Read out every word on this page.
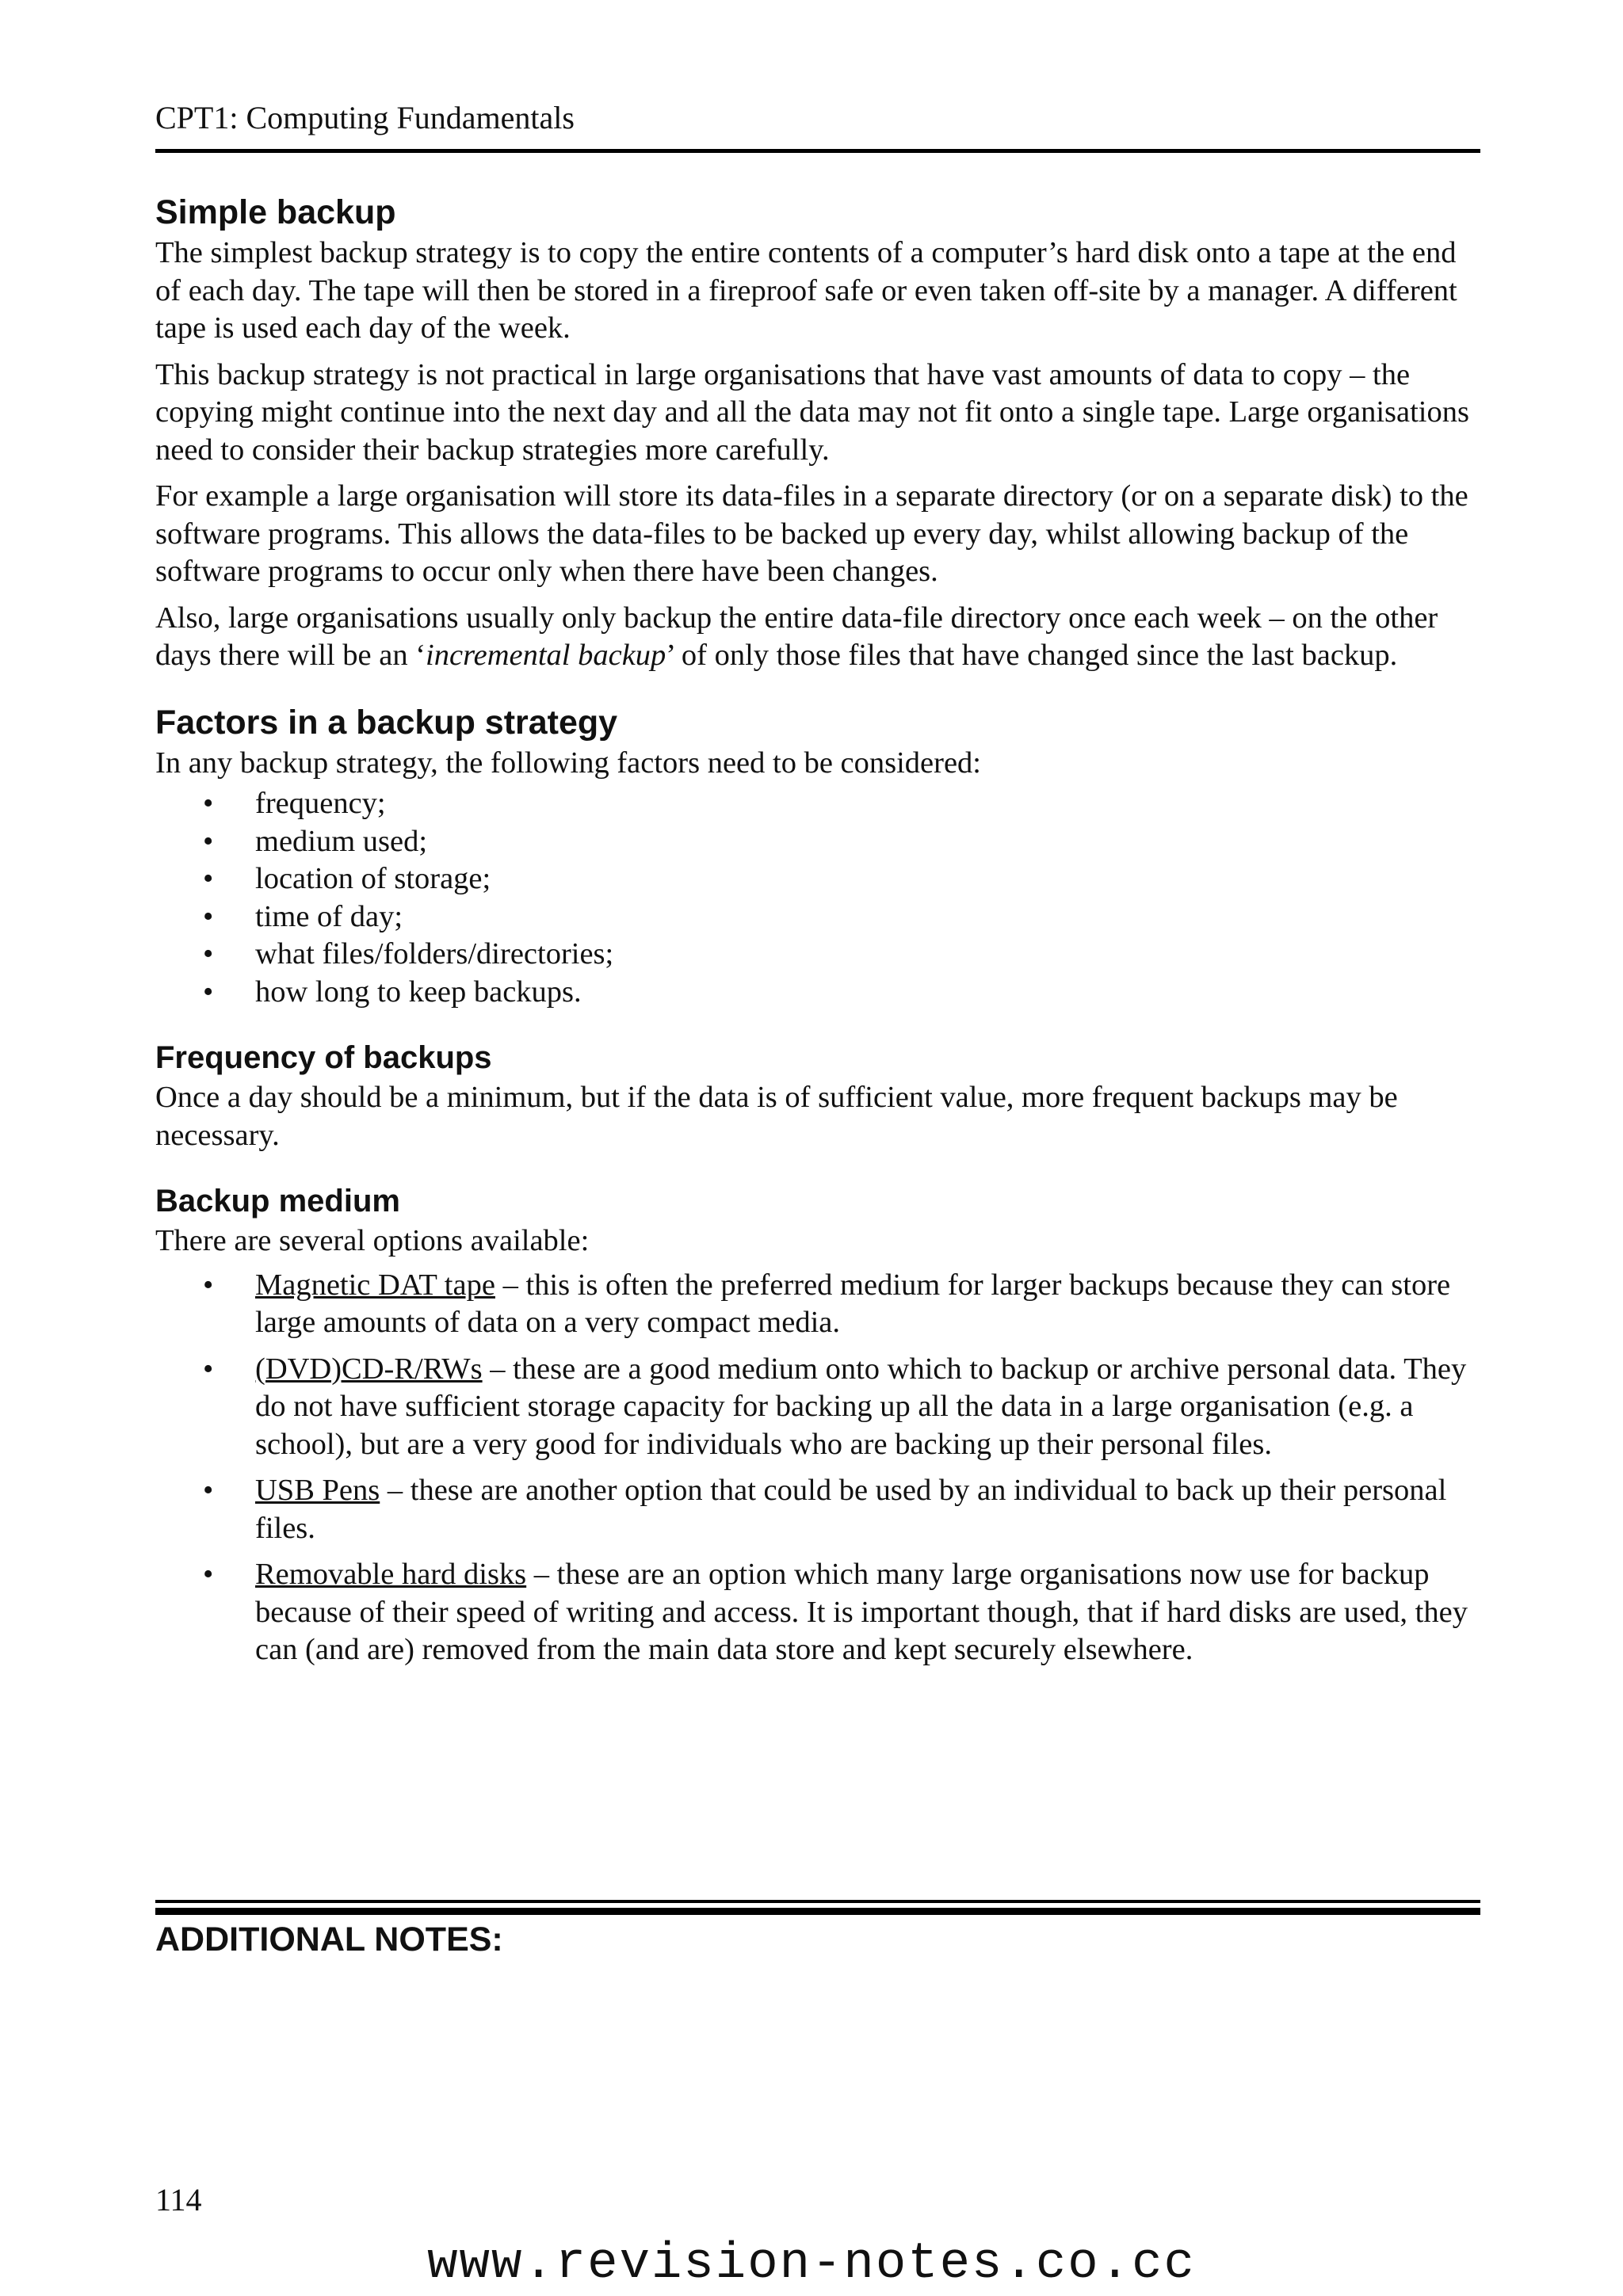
CPT1: Computing Fundamentals
Simple backup

The simplest backup strategy is to copy the entire contents of a computer’s hard disk onto a tape at the end of each day. The tape will then be stored in a fireproof safe or even taken off-site by a manager. A different tape is used each day of the week.

This backup strategy is not practical in large organisations that have vast amounts of data to copy – the copying might continue into the next day and all the data may not fit onto a single tape. Large organisations need to consider their backup strategies more carefully.

For example a large organisation will store its data-files in a separate directory (or on a separate disk) to the software programs. This allows the data-files to be backed up every day, whilst allowing backup of the software programs to occur only when there have been changes.

Also, large organisations usually only backup the entire data-file directory once each week – on the other days there will be an ‘incremental backup’ of only those files that have changed since the last backup.

Factors in a backup strategy

In any backup strategy, the following factors need to be considered:

• frequency;
• medium used;
• location of storage;
• time of day;
• what files/folders/directories;
• how long to keep backups.
Frequency of backups

Once a day should be a minimum, but if the data is of sufficient value, more frequent backups may be necessary.

Backup medium

There are several options available:

• Magnetic DAT tape – this is often the preferred medium for larger backups because they can store large amounts of data on a very compact media.
• (DVD)CD-R/RWs – these are a good medium onto which to backup or archive personal data. They do not have sufficient storage capacity for backing up all the data in a large organisation (e.g. a school), but are a very good for individuals who are backing up their personal files.
• USB Pens – these are another option that could be used by an individual to back up their personal files.
• Removable hard disks – these are an option which many large organisations now use for backup because of their speed of writing and access. It is important though, that if hard disks are used, they can (and are) removed from the main data store and kept securely elsewhere.
ADDITIONAL NOTES:
114
www.revision-notes.co.cc
